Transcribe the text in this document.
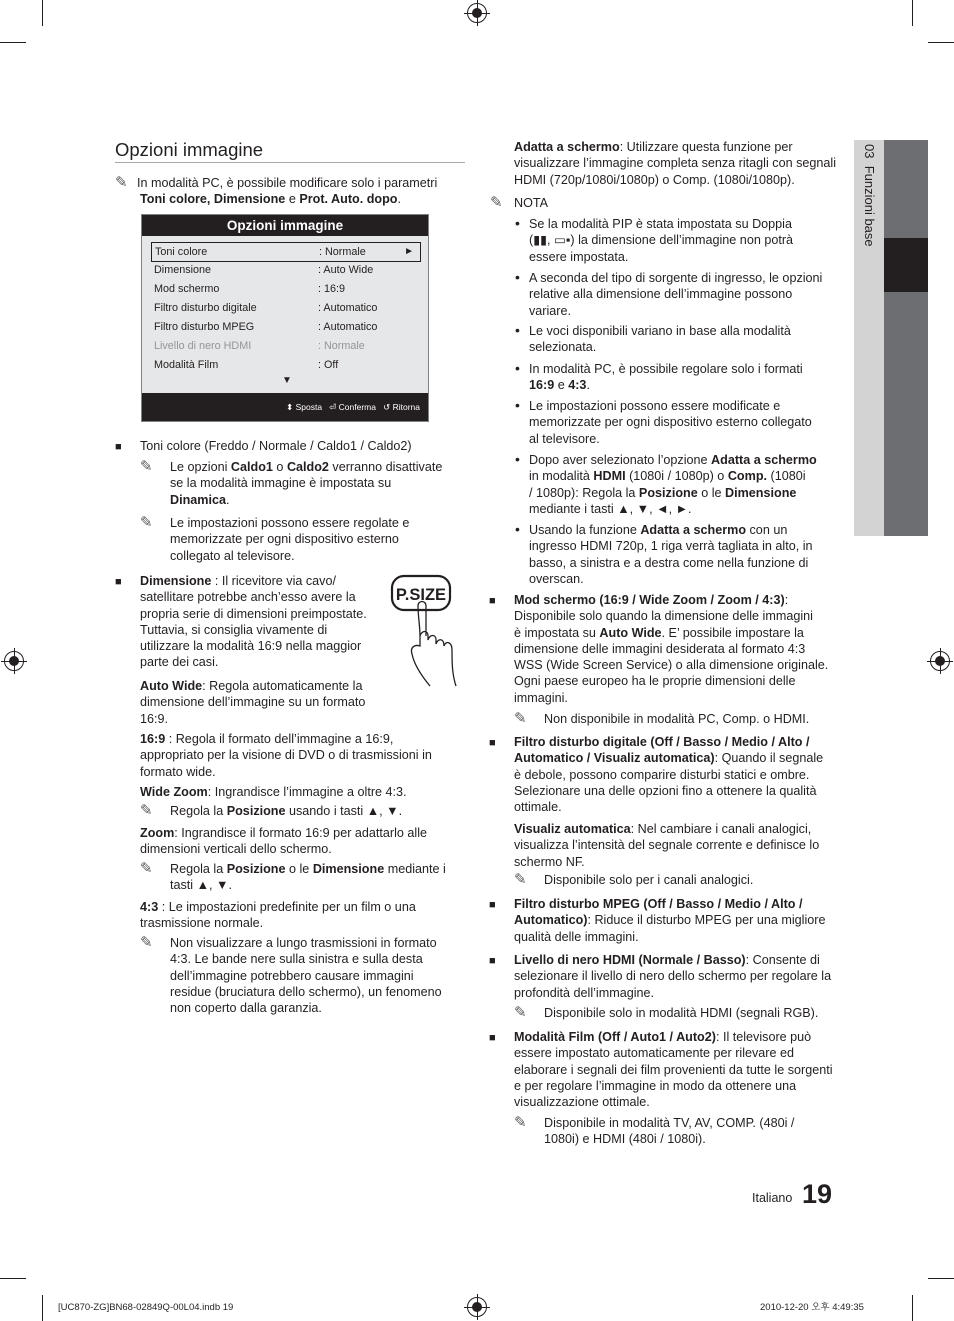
03  Funzioni base
Opzioni immagine
✎ In modalità PC, è possibile modificare solo i parametri
Toni colore, Dimensione e Prot. Auto. dopo.
Opzioni immagine
Toni colore	: Normale	►
Dimensione	: Auto Wide
Mod schermo	: 16:9
Filtro disturbo digitale	: Automatico
Filtro disturbo MPEG	: Automatico
Livello di nero HDMI	: Normale
Modalità Film	: Off
▼
⬍ Sposta ⏎ Conferma ↺ Ritorna
■ Toni colore (Freddo / Normale / Caldo1 / Caldo2)
✎ Le opzioni Caldo1 o Caldo2 verranno disattivate
se la modalità immagine è impostata su
Dinamica.
✎ Le impostazioni possono essere regolate e
memorizzate per ogni dispositivo esterno
collegato al televisore.
■ Dimensione : Il ricevitore via cavo/
satellitare potrebbe anch’esso avere la
propria serie di dimensioni preimpostate.
Tuttavia, si consiglia vivamente di
utilizzare la modalità 16:9 nella maggior
parte dei casi.
P.SIZE
Auto Wide: Regola automaticamente la
dimensione dell’immagine su un formato
16:9.
16:9 : Regola il formato dell’immagine a 16:9,
appropriato per la visione di DVD o di trasmissioni in
formato wide.
Wide Zoom: Ingrandisce l’immagine a oltre 4:3.
✎ Regola la Posizione usando i tasti ▲, ▼.
Zoom: Ingrandisce il formato 16:9 per adattarlo alle
dimensioni verticali dello schermo.
✎ Regola la Posizione o le Dimensione mediante i
tasti ▲, ▼.
4:3 : Le impostazioni predefinite per un film o una
trasmissione normale.
✎ Non visualizzare a lungo trasmissioni in formato
4:3. Le bande nere sulla sinistra e sulla desta
dell’immagine potrebbero causare immagini
residue (bruciatura dello schermo), un fenomeno
non coperto dalla garanzia.
Adatta a schermo: Utilizzare questa funzione per
visualizzare l’immagine completa senza ritagli con segnali
HDMI (720p/1080i/1080p) o Comp. (1080i/1080p).
✎ NOTA
• Se la modalità PIP è stata impostata su Doppia
(▮▮, ▭▪) la dimensione dell’immagine non potrà
essere impostata.
• A seconda del tipo di sorgente di ingresso, le opzioni
relative alla dimensione dell’immagine possono
variare.
• Le voci disponibili variano in base alla modalità
selezionata.
• In modalità PC, è possibile regolare solo i formati
16:9 e 4:3.
• Le impostazioni possono essere modificate e
memorizzate per ogni dispositivo esterno collegato
al televisore.
• Dopo aver selezionato l’opzione Adatta a schermo
in modalità HDMI (1080i / 1080p) o Comp. (1080i
/ 1080p): Regola la Posizione o le Dimensione
mediante i tasti ▲, ▼, ◄, ►.
• Usando la funzione Adatta a schermo con un
ingresso HDMI 720p, 1 riga verrà tagliata in alto, in
basso, a sinistra e a destra come nella funzione di
overscan.
■ Mod schermo (16:9 / Wide Zoom / Zoom / 4:3):
Disponibile solo quando la dimensione delle immagini
è impostata su Auto Wide. E’ possibile impostare la
dimensione delle immagini desiderata al formato 4:3
WSS (Wide Screen Service) o alla dimensione originale.
Ogni paese europeo ha le proprie dimensioni delle
immagini.
✎ Non disponibile in modalità PC, Comp. o HDMI.
■ Filtro disturbo digitale (Off / Basso / Medio / Alto /
Automatico / Visualiz automatica): Quando il segnale
è debole, possono comparire disturbi statici e ombre.
Selezionare una delle opzioni fino a ottenere la qualità
ottimale.
Visualiz automatica: Nel cambiare i canali analogici,
visualizza l’intensità del segnale corrente e definisce lo
schermo NF.
✎ Disponibile solo per i canali analogici.
■ Filtro disturbo MPEG (Off / Basso / Medio / Alto /
Automatico): Riduce il disturbo MPEG per una migliore
qualità delle immagini.
■ Livello di nero HDMI (Normale / Basso): Consente di
selezionare il livello di nero dello schermo per regolare la
profondità dell’immagine.
✎ Disponibile solo in modalità HDMI (segnali RGB).
■ Modalità Film (Off / Auto1 / Auto2): Il televisore può
essere impostato automaticamente per rilevare ed
elaborare i segnali dei film provenienti da tutte le sorgenti
e per regolare l’immagine in modo da ottenere una
visualizzazione ottimale.
✎ Disponibile in modalità TV, AV, COMP. (480i /
1080i) e HDMI (480i / 1080i).
Italiano 19
[UC870-ZG]BN68-02849Q-00L04.indb 19	2010-12-20 오후 4:49:35
